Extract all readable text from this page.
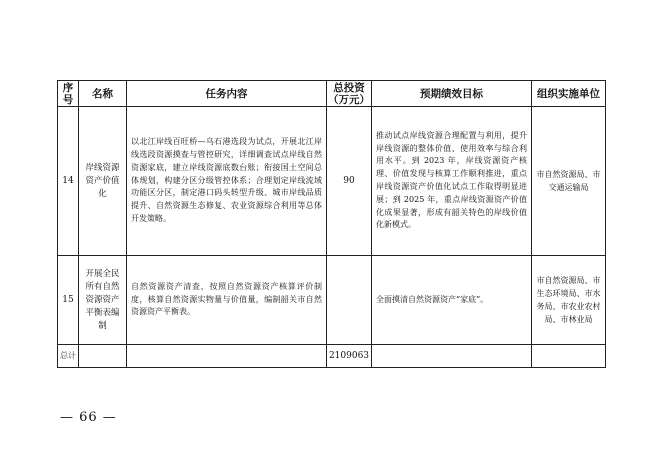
序号	名称	任务内容	总投资（万元）	预期绩效目标	组织实施单位
14	岸线资源资产价值化	以北江岸线百旺桥—乌石港选段为试点，开展北江岸线选段资源摸查与管控研究，详细调查试点岸线自然资源家底，建立岸线资源底数台账；衔接国土空间总体规划，构建分区分级管控体系；合理划定岸线流域功能区分区，制定港口码头转型升级、城市岸线品质提升、自然资源生态修复、农业资源综合利用等总体开发策略。	90	推动试点岸线资源合理配置与利用，提升岸线资源的整体价值、使用效率与综合利用水平。到 2023 年，岸线资源资产核理、价值发现与核算工作顺利推进，重点岸线资源资产价值化试点工作取得明显进展；到 2025 年，重点岸线资源资产价值化成果显著，形成有韶关特色的岸线价值化新模式。	市自然资源局、市交通运输局
15	开展全民所有自然资源资产平衡表编制	自然资源资产清查，按照自然资源资产核算评价制度，核算自然资源实物量与价值量，编制韶关市自然资源资产平衡表。		全面摸清自然资源资产“家底”。	市自然资源局、市生态环境局、市水务局、市农业农村局、市林业局
总计			2109063		
— 66 —
